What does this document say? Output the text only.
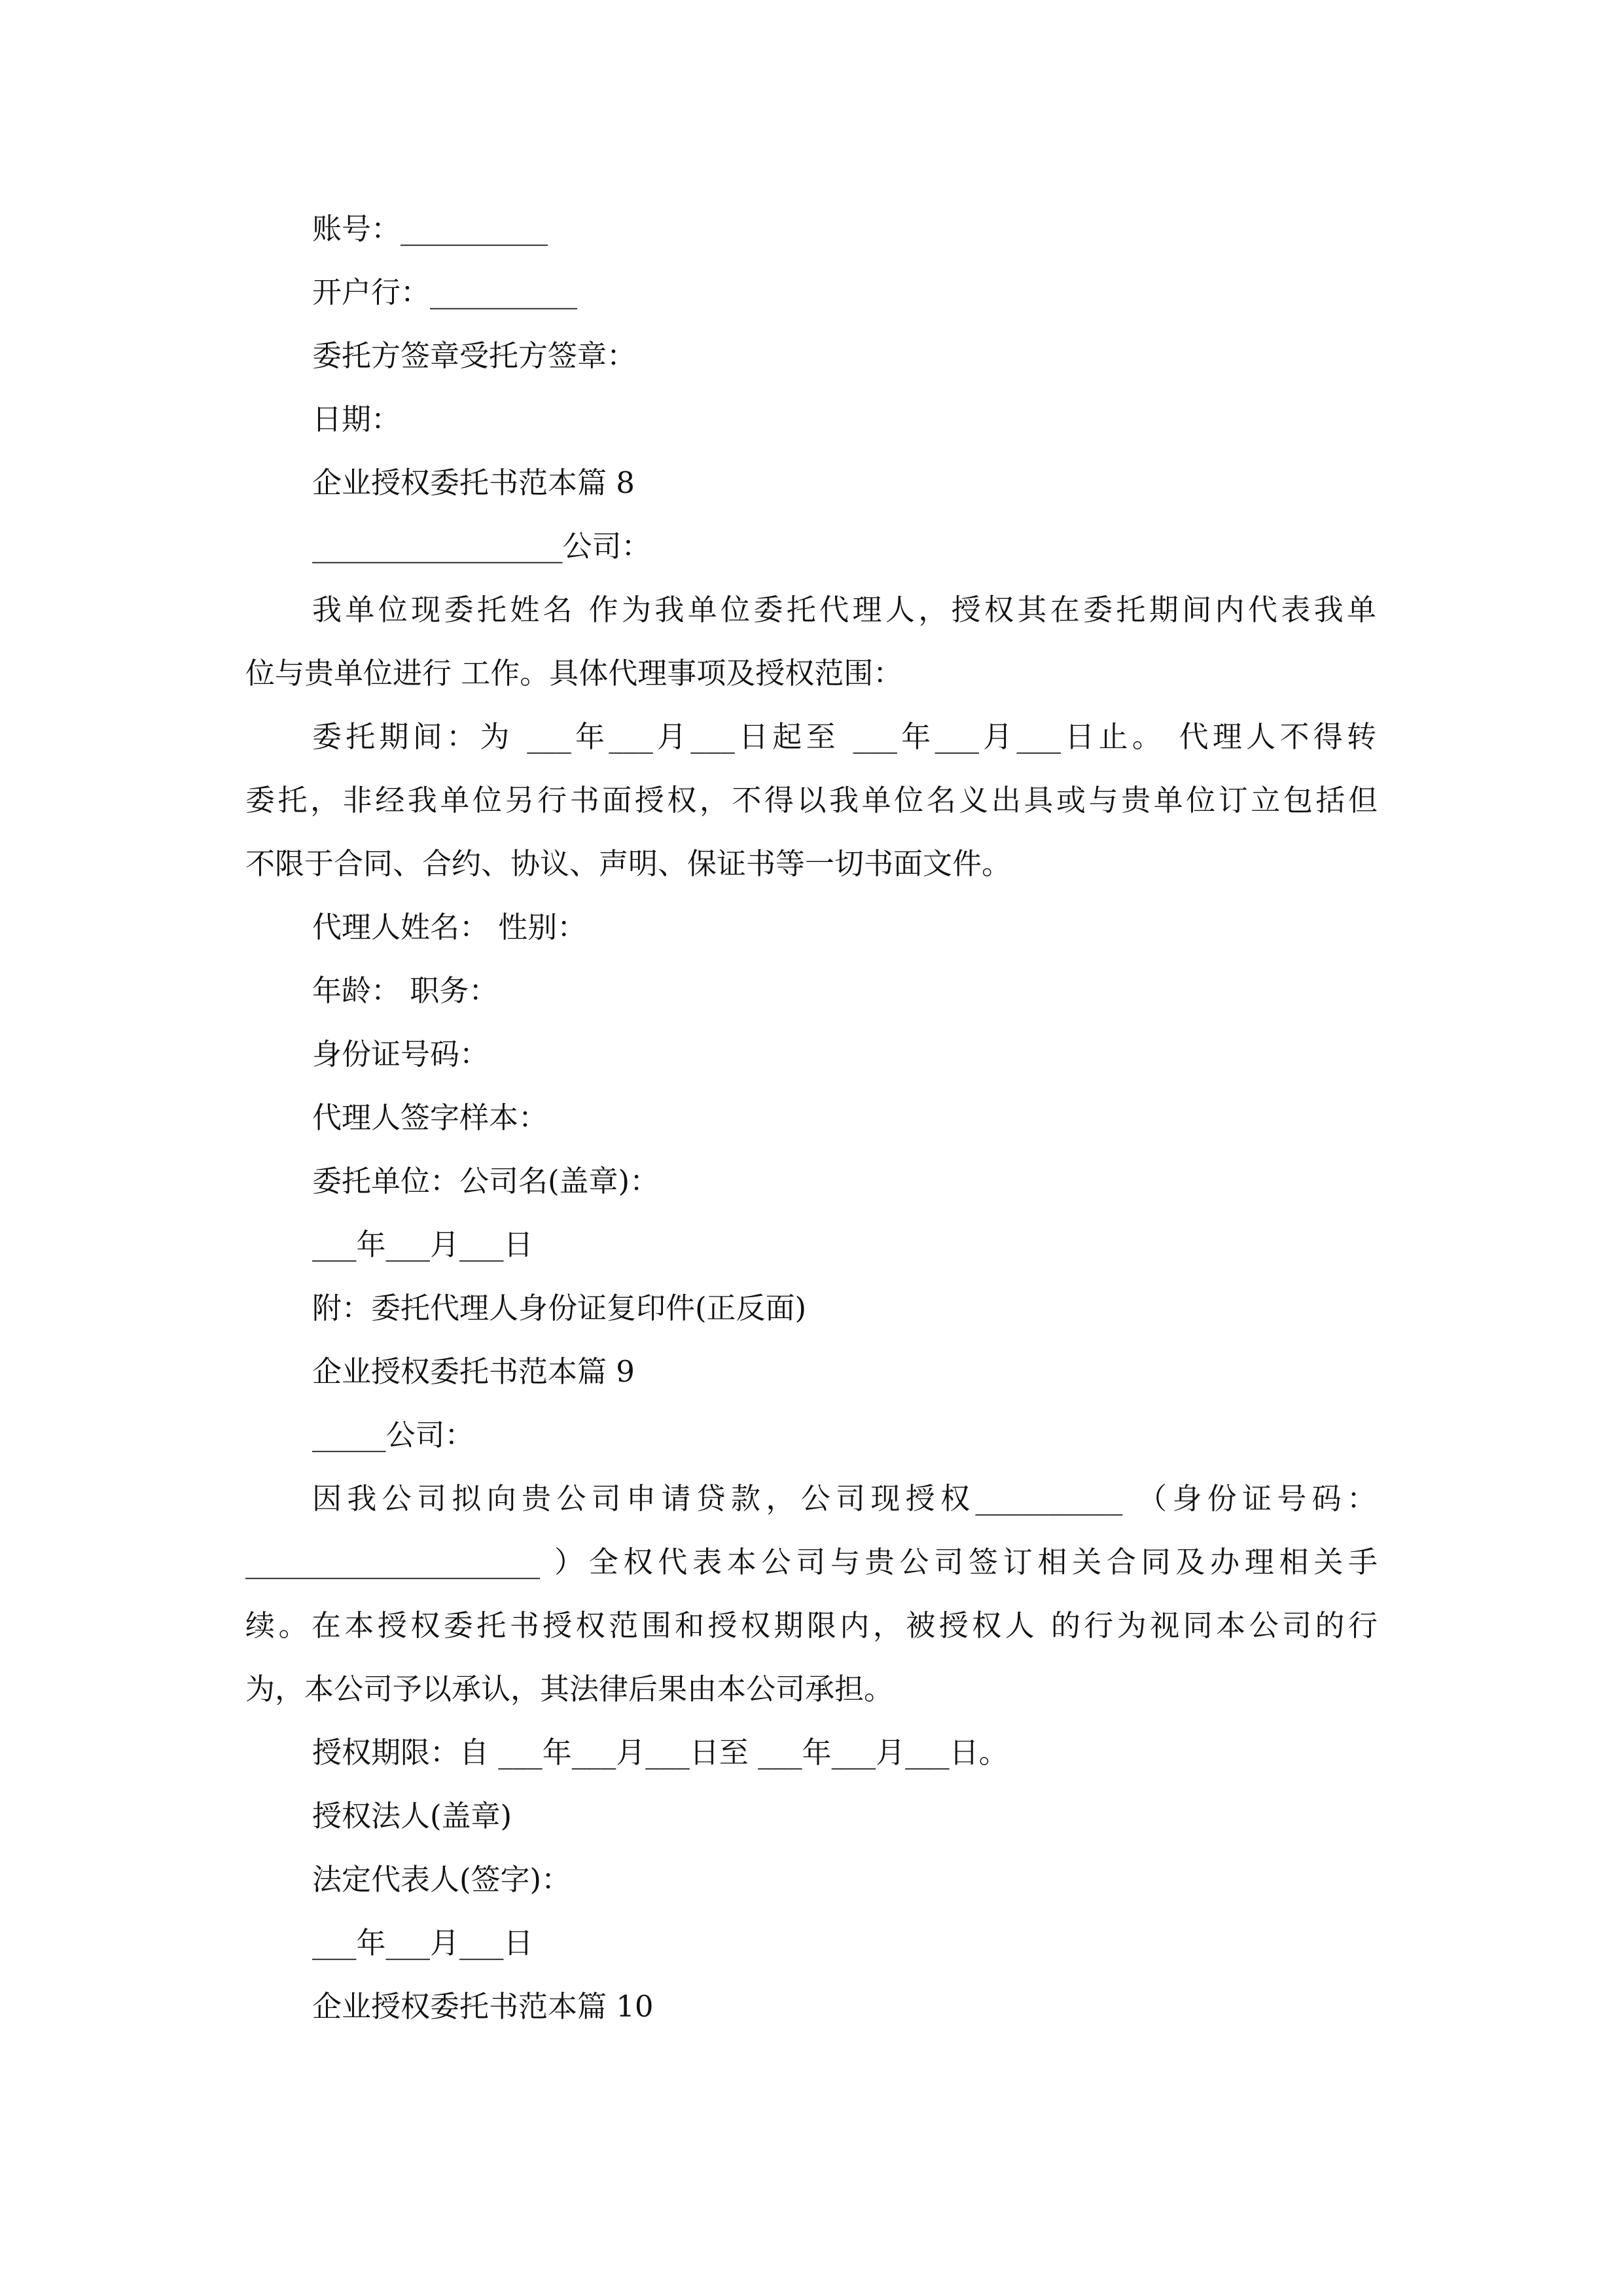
账号：__________
开户行：__________
委托方签章受托方签章：
日期：
企业授权委托书范本篇 8
_________________公司：
我单位现委托姓名 作为我单位委托代理人，授权其在委托期间内代表我单
位与贵单位进行 工作。具体代理事项及授权范围：
委托期间：为 ___年___月___日起至 ___年___月___日止。 代理人不得转
委托，非经我单位另行书面授权，不得以我单位名义出具或与贵单位订立包括但
不限于合同、合约、协议、声明、保证书等一切书面文件。
代理人姓名： 性别：
年龄： 职务：
身份证号码：
代理人签字样本：
委托单位：公司名(盖章)：
___年___月___日
附：委托代理人身份证复印件(正反面)
企业授权委托书范本篇 9
_____公司：
因我公司拟向贵公司申请贷款，公司现授权__________ （身份证号码：
____________________ ）全权代表本公司与贵公司签订相关合同及办理相关手
续。在本授权委托书授权范围和授权期限内，被授权人 的行为视同本公司的行
为，本公司予以承认，其法律后果由本公司承担。
授权期限：自 ___年___月___日至 ___年___月___日。
授权法人(盖章)
法定代表人(签字)：
___年___月___日
企业授权委托书范本篇 10
